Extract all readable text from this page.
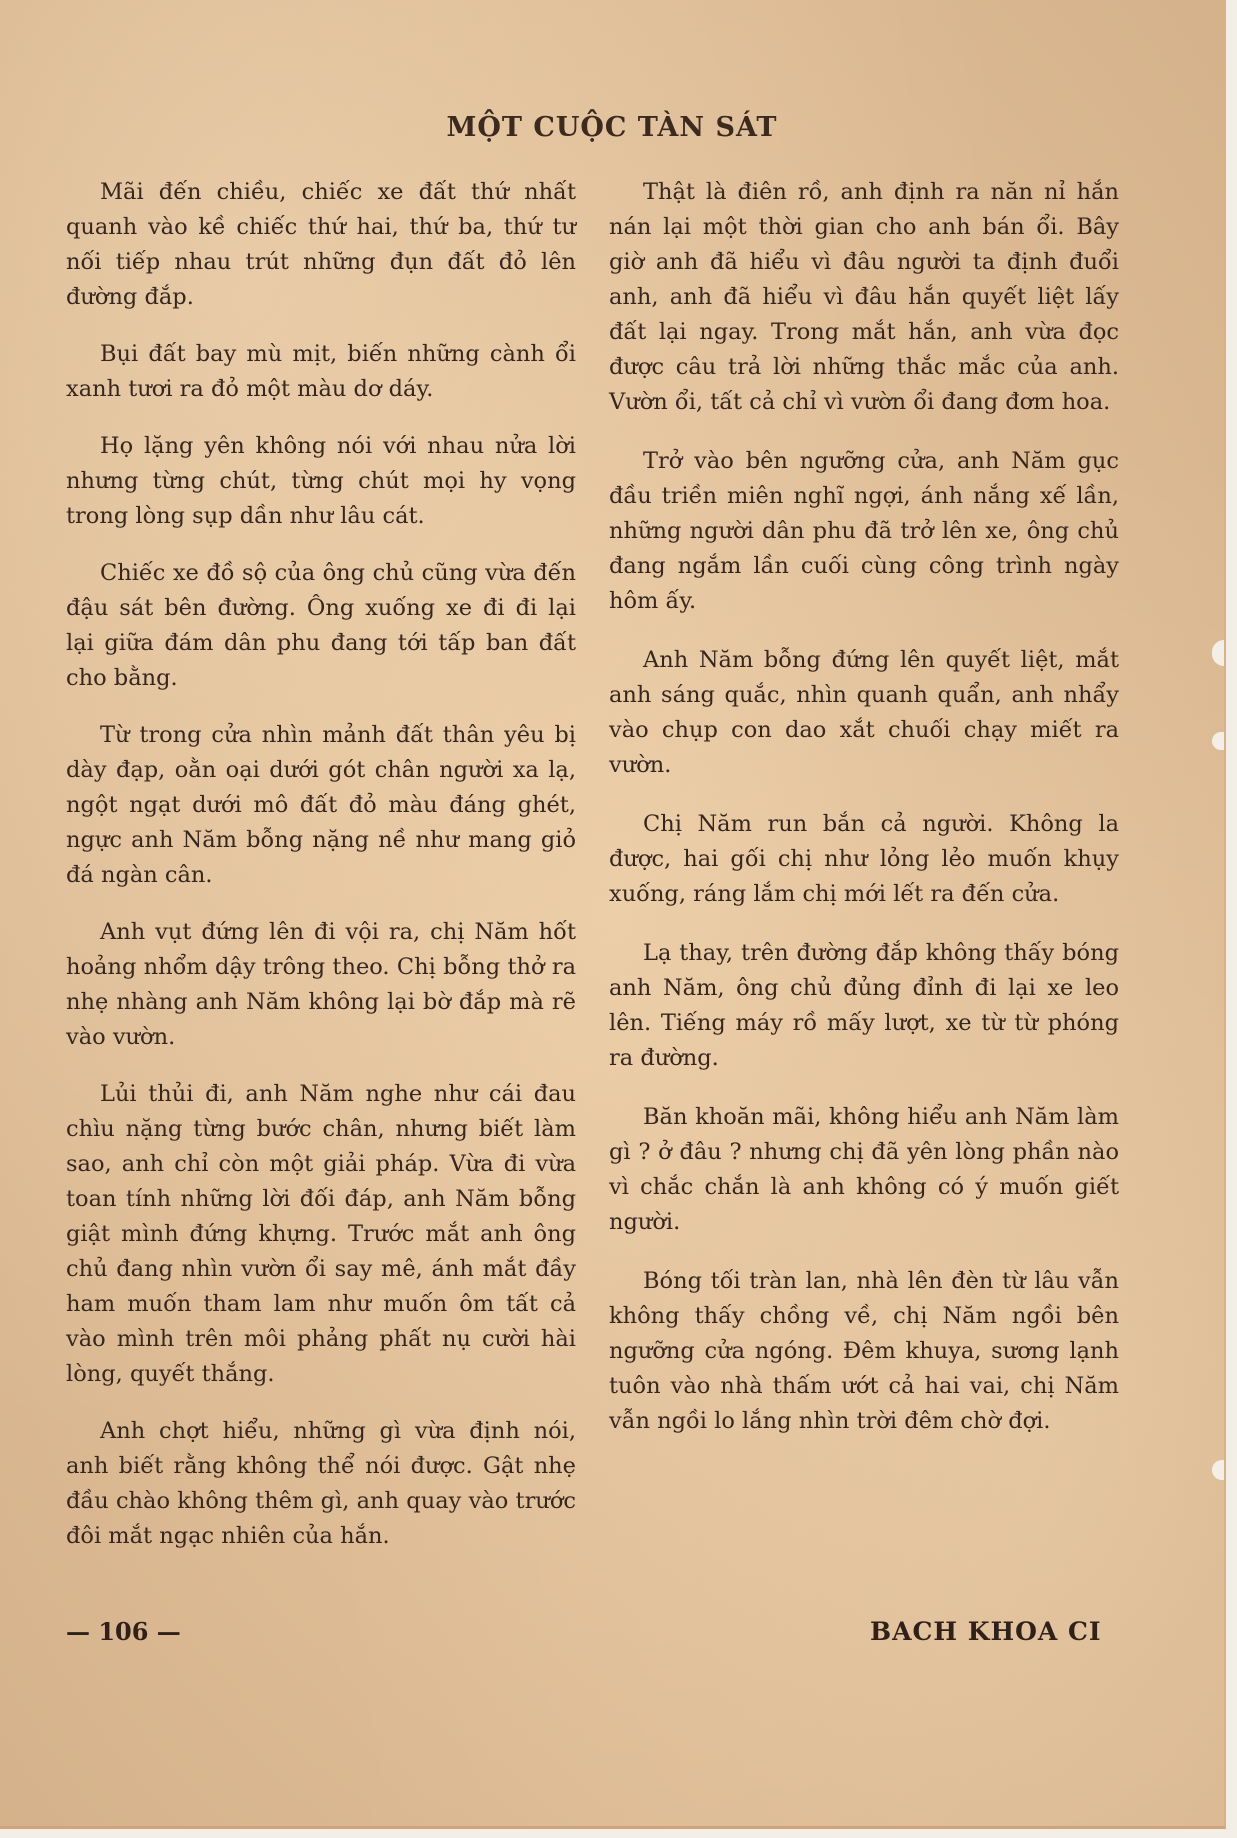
MỘT CUỘC TÀN SÁT

Mãi đến chiều, chiếc xe đất thứ nhất quanh vào kề chiếc thứ hai, thứ ba, thứ tư nối tiếp nhau trút những đụn đất đỏ lên đường đắp.

Bụi đất bay mù mịt, biến những cành ổi xanh tươi ra đỏ một màu dơ dáy.

Họ lặng yên không nói với nhau nửa lời nhưng từng chút, từng chút mọi hy vọng trong lòng sụp dần như lâu cát.

Chiếc xe đồ sộ của ông chủ cũng vừa đến đậu sát bên đường. Ông xuống xe đi đi lại lại giữa đám dân phu đang tới tấp ban đất cho bằng.

Từ trong cửa nhìn mảnh đất thân yêu bị dày đạp, oằn oại dưới gót chân người xa lạ, ngột ngạt dưới mô đất đỏ màu đáng ghét, ngực anh Năm bỗng nặng nề như mang giỏ đá ngàn cân.

Anh vụt đứng lên đi vội ra, chị Năm hốt hoảng nhổm dậy trông theo. Chị bỗng thở ra nhẹ nhàng anh Năm không lại bờ đắp mà rẽ vào vườn.

Lủi thủi đi, anh Năm nghe như cái đau chìu nặng từng bước chân, nhưng biết làm sao, anh chỉ còn một giải pháp. Vừa đi vừa toan tính những lời đối đáp, anh Năm bỗng giật mình đứng khựng. Trước mắt anh ông chủ đang nhìn vườn ổi say mê, ánh mắt đầy ham muốn tham lam như muốn ôm tất cả vào mình trên môi phảng phất nụ cười hài lòng, quyết thắng.

Anh chợt hiểu, những gì vừa định nói, anh biết rằng không thể nói được. Gật nhẹ đầu chào không thêm gì, anh quay vào trước đôi mắt ngạc nhiên của hắn.

Thật là điên rồ, anh định ra năn nỉ hắn nán lại một thời gian cho anh bán ổi. Bây giờ anh đã hiểu vì đâu người ta định đuổi anh, anh đã hiểu vì đâu hắn quyết liệt lấy đất lại ngay. Trong mắt hắn, anh vừa đọc được câu trả lời những thắc mắc của anh. Vườn ổi, tất cả chỉ vì vườn ổi đang đơm hoa.

Trở vào bên ngưỡng cửa, anh Năm gục đầu triền miên nghĩ ngợi, ánh nắng xế lần, những người dân phu đã trở lên xe, ông chủ đang ngắm lần cuối cùng công trình ngày hôm ấy.

Anh Năm bỗng đứng lên quyết liệt, mắt anh sáng quắc, nhìn quanh quẩn, anh nhẩy vào chụp con dao xắt chuối chạy miết ra vườn.

Chị Năm run bắn cả người. Không la được, hai gối chị như lỏng lẻo muốn khụy xuống, ráng lắm chị mới lết ra đến cửa.

Lạ thay, trên đường đắp không thấy bóng anh Năm, ông chủ đủng đỉnh đi lại xe leo lên. Tiếng máy rồ mấy lượt, xe từ từ phóng ra đường.

Băn khoăn mãi, không hiểu anh Năm làm gì ? ở đâu ? nhưng chị đã yên lòng phần nào vì chắc chắn là anh không có ý muốn giết người.

Bóng tối tràn lan, nhà lên đèn từ lâu vẫn không thấy chồng về, chị Năm ngồi bên ngưỡng cửa ngóng. Đêm khuya, sương lạnh tuôn vào nhà thấm ướt cả hai vai, chị Năm vẫn ngồi lo lắng nhìn trời đêm chờ đợi.

— 106 —	BACH KHOA CI
